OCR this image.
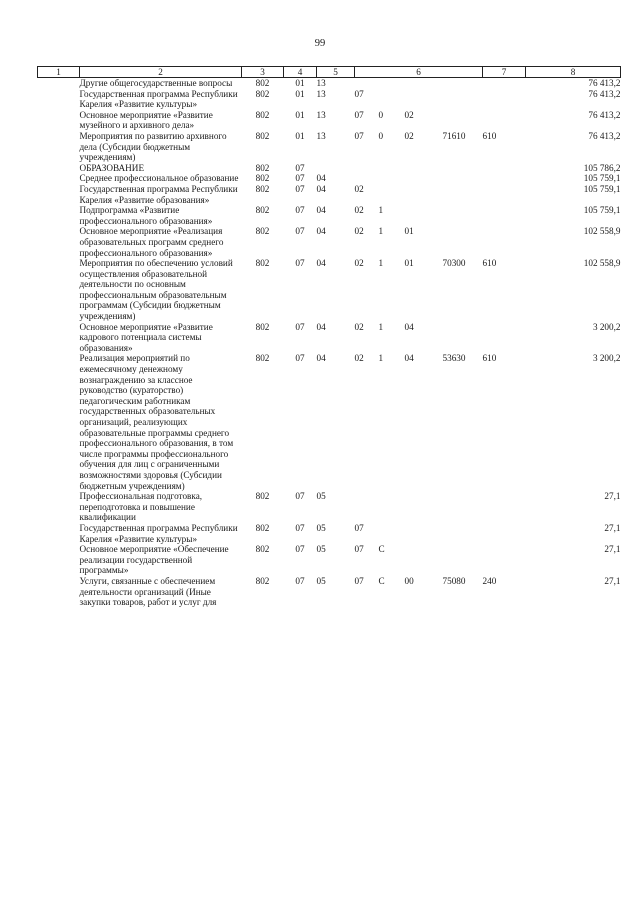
99
1	2	3	4	5	6	7	8
	Другие общегосударственные вопросы	802	01	13			76 413,2
	Государственная программа Республики Карелия «Развитие культуры»	802	01	13	07		76 413,2
	Основное мероприятие «Развитие музейного и архивного дела»	802	01	13	07 0 02		76 413,2
	Мероприятия по развитию архивного дела (Субсидии бюджетным учреждениям)	802	01	13	07 0 02 71610	610	76 413,2
	ОБРАЗОВАНИЕ	802	07				105 786,2
	Среднее профессиональное образование	802	07	04			105 759,1
	Государственная программа Республики Карелия «Развитие образования»	802	07	04	02		105 759,1
	Подпрограмма «Развитие профессионального образования»	802	07	04	02 1		105 759,1
	Основное мероприятие «Реализация образовательных программ среднего профессионального образования»	802	07	04	02 1 01		102 558,9
	Мероприятия по обеспечению условий осуществления образовательной деятельности по основным профессиональным образовательным программам (Субсидии бюджетным учреждениям)	802	07	04	02 1 01 70300	610	102 558,9
	Основное мероприятие «Развитие кадрового потенциала системы образования»	802	07	04	02 1 04		3 200,2
	Реализация мероприятий по ежемесячному денежному вознаграждению за классное руководство (кураторство) педагогическим работникам государственных образовательных организаций, реализующих образовательные программы среднего профессионального образования, в том числе программы профессионального обучения для лиц с ограниченными возможностями здоровья (Субсидии бюджетным учреждениям)	802	07	04	02 1 04 53630	610	3 200,2
	Профессиональная подготовка, переподготовка и повышение квалификации	802	07	05			27,1
	Государственная программа Республики Карелия «Развитие культуры»	802	07	05	07		27,1
	Основное мероприятие «Обеспечение реализации государственной программы»	802	07	05	07 С		27,1
	Услуги, связанные с обеспечением деятельности организаций (Иные закупки товаров, работ и услуг для	802	07	05	07 С 00 75080	240	27,1
